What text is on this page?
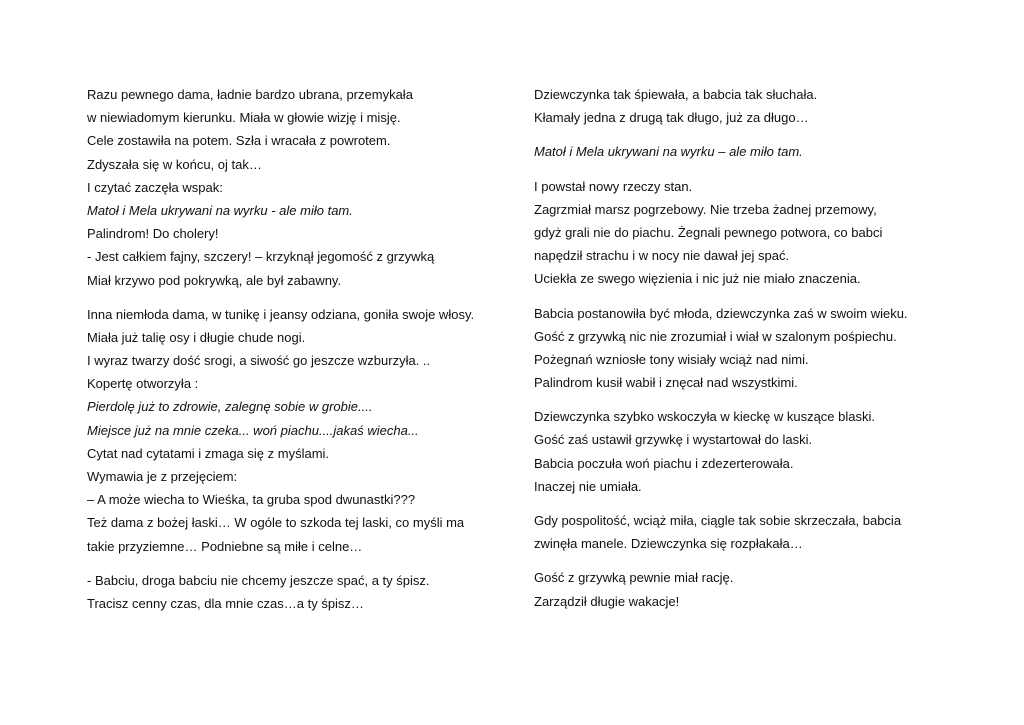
Razu pewnego dama, ładnie bardzo ubrana, przemykała
w niewiadomym kierunku. Miała w głowie wizję i misję.
Cele zostawiła na potem. Szła i wracała z powrotem.
Zdyszała się w końcu, oj tak…
I czytać zaczęła wspak:
Matoł i Mela ukrywani na wyrku - ale miło tam.
Palindrom! Do cholery!
- Jest całkiem fajny, szczery! – krzyknął jegomość z grzywką
Miał krzywo pod pokrywką, ale był zabawny.
Inna niemłoda dama, w tunikę i jeansy odziana, goniła swoje włosy.
Miała już talię osy i długie chude nogi.
I wyraz twarzy dość srogi, a siwość go jeszcze wzburzyła. ..
Kopertę otworzyła :
Pierdolę już to zdrowie, zalegnę sobie w grobie....
Miejsce już na mnie czeka... woń piachu....jakaś wiecha...
Cytat nad cytatami i zmaga się z myślami.
Wymawia je z przejęciem:
– A może wiecha to Wieśka, ta gruba spod dwunastki???
Też dama z bożej łaski… W ogóle to szkoda tej laski, co myśli ma
takie przyziemne… Podniebne są miłe i celne…
- Babciu, droga babciu nie chcemy jeszcze spać, a ty śpisz.
Tracisz cenny czas, dla mnie czas…a ty śpisz…
Dziewczynka tak śpiewała, a babcia tak słuchała.
Kłamały jedna z drugą tak długo, już za długo…
Matoł i Mela ukrywani na wyrku – ale miło tam.
I powstał nowy rzeczy stan.
Zagrzmiał marsz pogrzebowy. Nie trzeba żadnej przemowy,
gdyż grali nie do piachu. Żegnali pewnego potwora, co babci
napędził strachu i w nocy nie dawał jej spać.
Uciekła ze swego więzienia i nic już nie miało znaczenia.
Babcia postanowiła być młoda, dziewczynka zaś w swoim wieku.
Gość z grzywką nic nie zrozumiał i wiał w szalonym pośpiechu.
Pożegnań wzniosłe tony wisiały wciąż nad nimi.
Palindrom kusił wabił i znęcał nad wszystkimi.
Dziewczynka szybko wskoczyła w kieckę w kuszące blaski.
Gość zaś ustawił grzywkę i wystartował do laski.
Babcia poczuła woń piachu i zdezerterowała.
Inaczej nie umiała.
Gdy pospolitość, wciąż miła, ciągle tak sobie skrzeczała, babcia
zwinęła manele. Dziewczynka się rozpłakała…
Gość z grzywką pewnie miał rację.
Zarządził długie wakacje!
